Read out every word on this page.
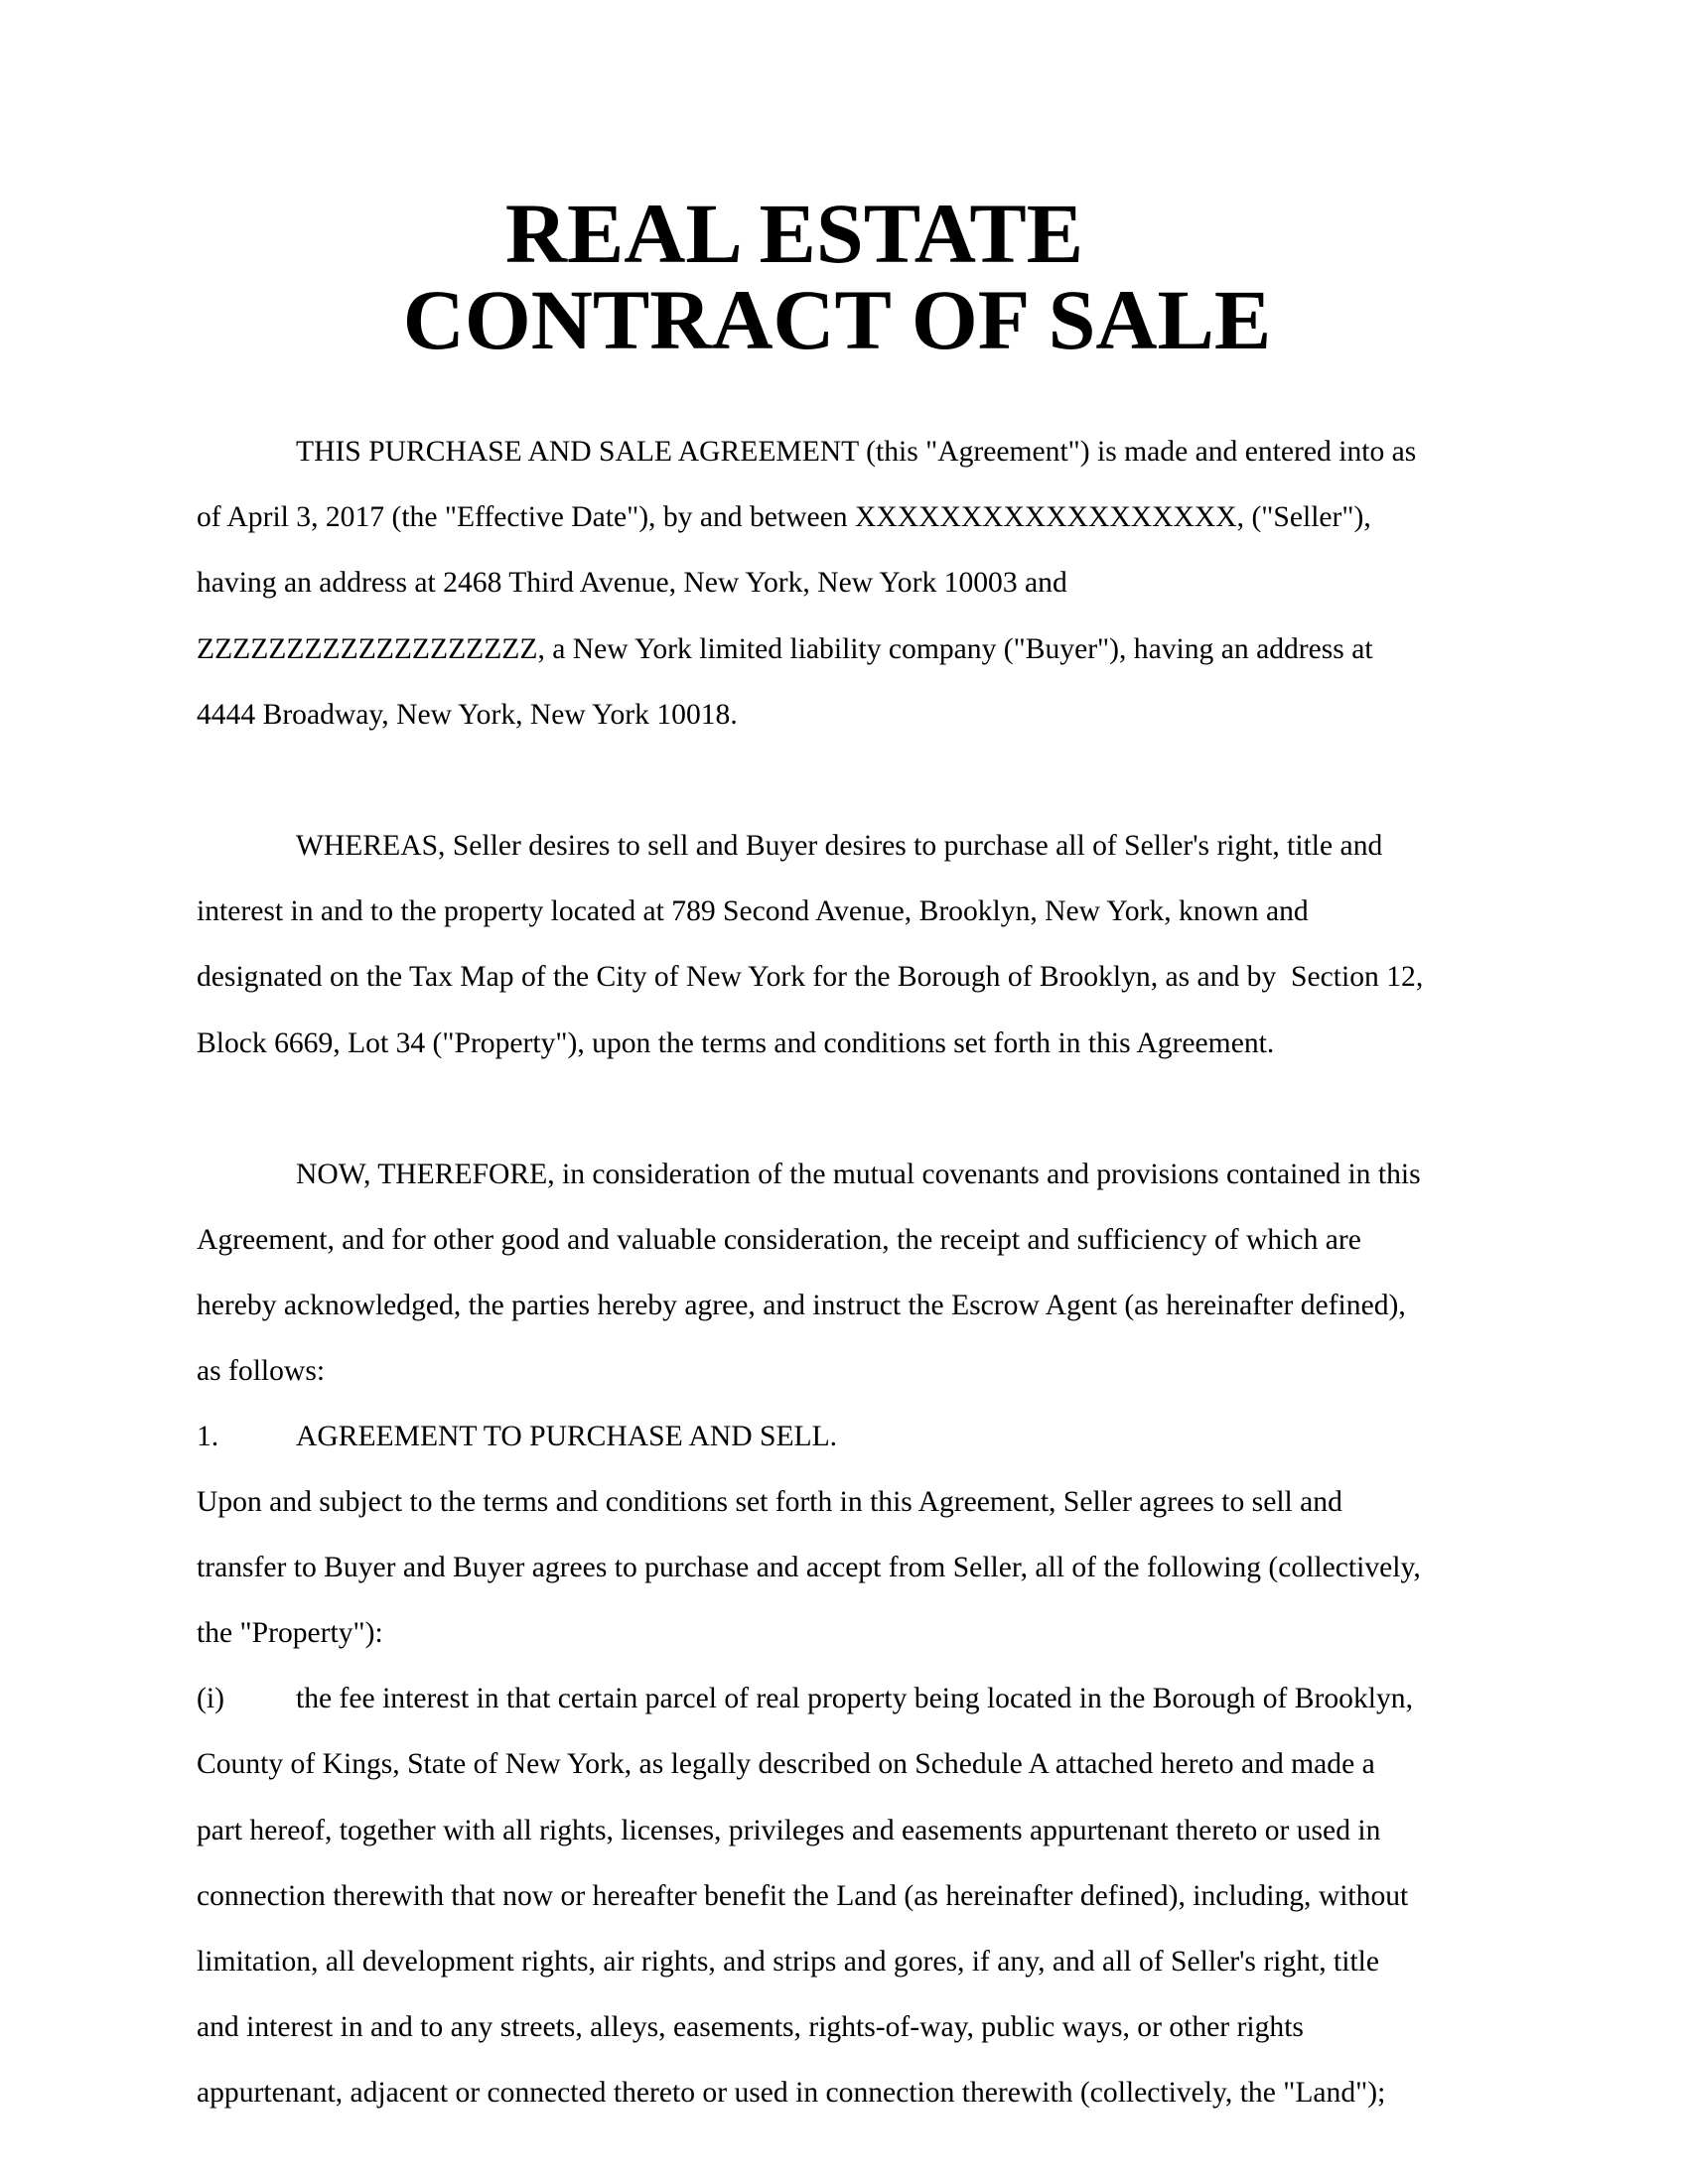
REAL ESTATE
CONTRACT OF SALE

THIS PURCHASE AND SALE AGREEMENT (this "Agreement") is made and entered into as

of April 3, 2017 (the "Effective Date"), by and between XXXXXXXXXXXXXXXXXX, ("Seller"),

having an address at 2468 Third Avenue, New York, New York 10003 and

ZZZZZZZZZZZZZZZZZZZ, a New York limited liability company ("Buyer"), having an address at

4444 Broadway, New York, New York 10018.

WHEREAS, Seller desires to sell and Buyer desires to purchase all of Seller's right, title and

interest in and to the property located at 789 Second Avenue, Brooklyn, New York, known and

designated on the Tax Map of the City of New York for the Borough of Brooklyn, as and by  Section 12,

Block 6669, Lot 34 ("Property"), upon the terms and conditions set forth in this Agreement.

NOW, THEREFORE, in consideration of the mutual covenants and provisions contained in this

Agreement, and for other good and valuable consideration, the receipt and sufficiency of which are

hereby acknowledged, the parties hereby agree, and instruct the Escrow Agent (as hereinafter defined),

as follows:

1.	AGREEMENT TO PURCHASE AND SELL.

Upon and subject to the terms and conditions set forth in this Agreement, Seller agrees to sell and

transfer to Buyer and Buyer agrees to purchase and accept from Seller, all of the following (collectively,

the "Property"):

(i) the fee interest in that certain parcel of real property being located in the Borough of Brooklyn,

County of Kings, State of New York, as legally described on Schedule A attached hereto and made a

part hereof, together with all rights, licenses, privileges and easements appurtenant thereto or used in

connection therewith that now or hereafter benefit the Land (as hereinafter defined), including, without

limitation, all development rights, air rights, and strips and gores, if any, and all of Seller's right, title

and interest in and to any streets, alleys, easements, rights-of-way, public ways, or other rights

appurtenant, adjacent or connected thereto or used in connection therewith (collectively, the "Land");
